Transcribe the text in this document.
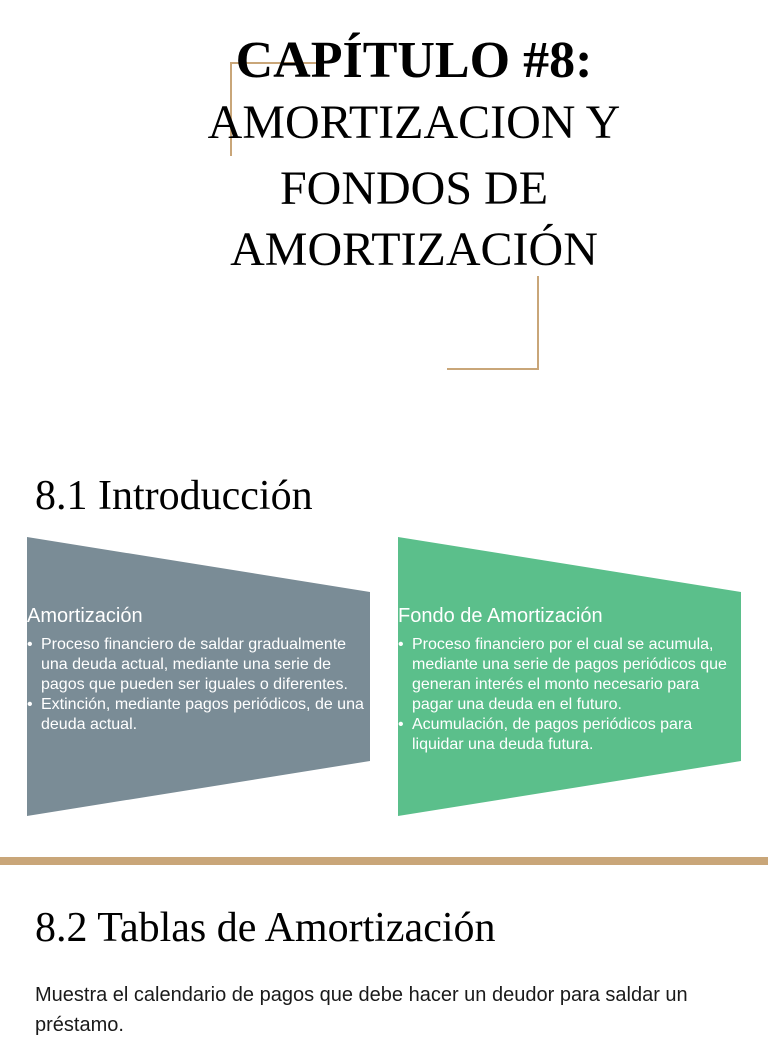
CAPÍTULO #8:
AMORTIZACION Y
FONDOS DE
AMORTIZACIÓN
8.1 Introducción
Amortización
• Proceso financiero de saldar gradualmente una deuda actual, mediante una serie de pagos que pueden ser iguales o diferentes.
• Extinción, mediante pagos periódicos, de una deuda actual.
Fondo de Amortización
• Proceso financiero por el cual se acumula, mediante una serie de pagos periódicos que generan interés el monto necesario para pagar una deuda en el futuro.
• Acumulación, de pagos periódicos para liquidar una deuda futura.
8.2 Tablas de Amortización

Muestra el calendario de pagos que debe hacer un deudor para saldar un préstamo.
